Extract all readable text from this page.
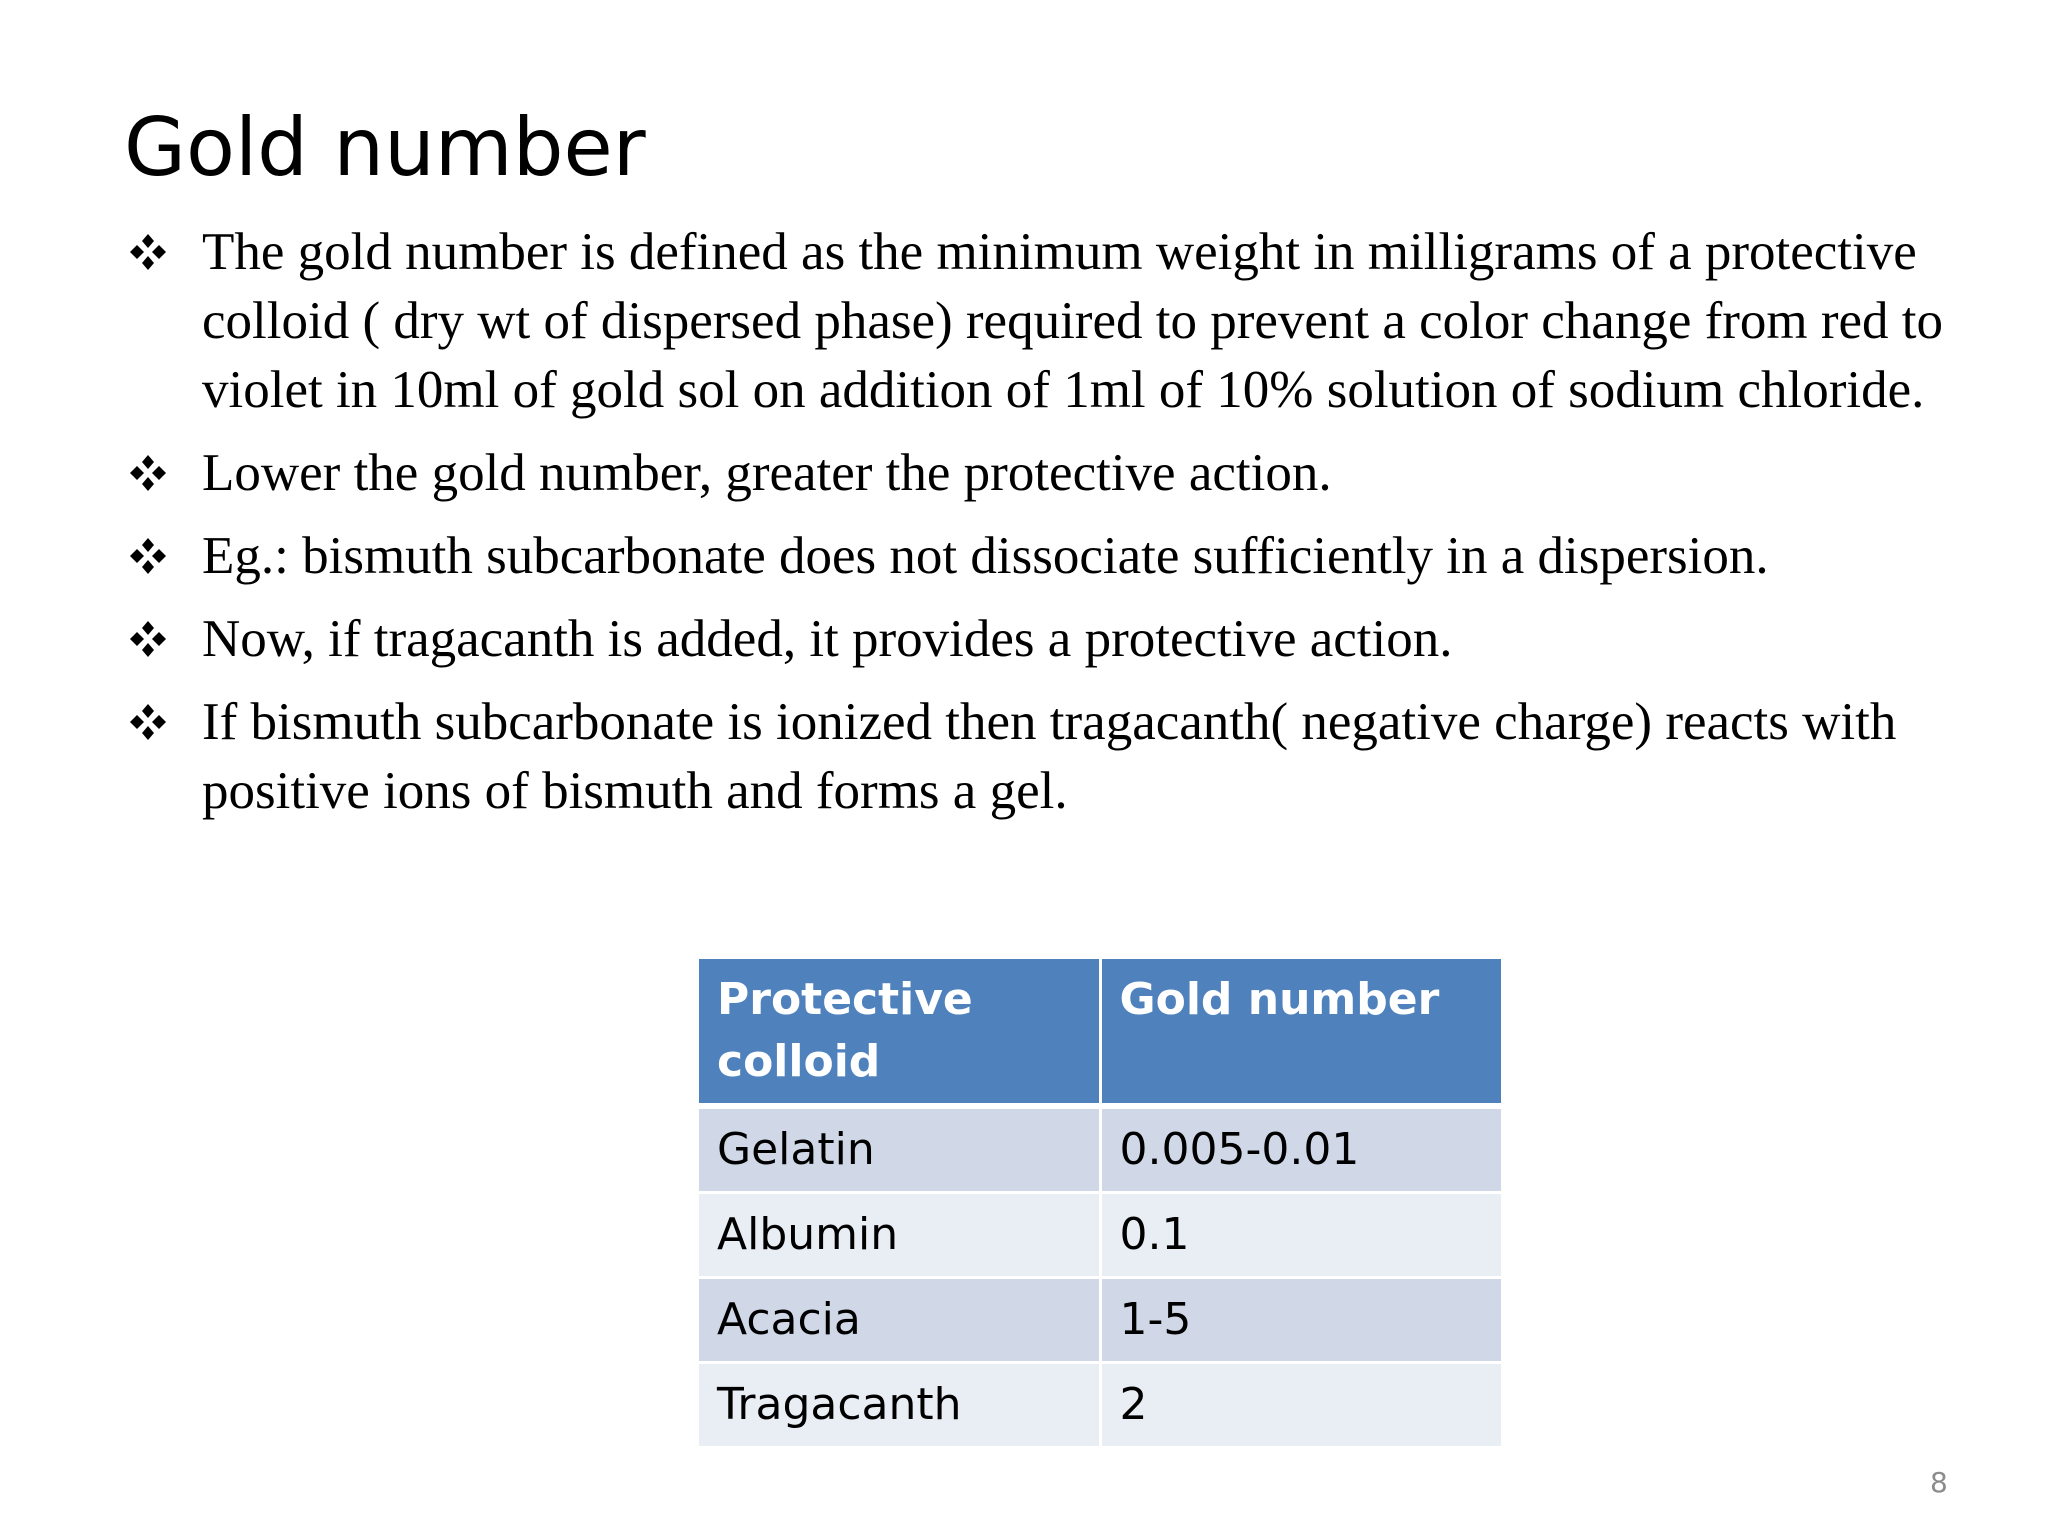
Gold number
The gold number is defined as the minimum weight in milligrams of a protective colloid ( dry wt of dispersed phase) required to prevent a color change from red to violet in 10ml of gold sol on addition of 1ml of 10% solution of sodium chloride.
Lower the gold number, greater the protective action.
Eg.: bismuth subcarbonate does not dissociate sufficiently in a dispersion.
Now, if tragacanth is added, it provides a protective action.
If bismuth subcarbonate is ionized then tragacanth( negative charge) reacts with positive ions of bismuth and forms a gel.
Protective colloid	Gold number
Gelatin	0.005-0.01
Albumin	0.1
Acacia	1-5
Tragacanth	2
8
